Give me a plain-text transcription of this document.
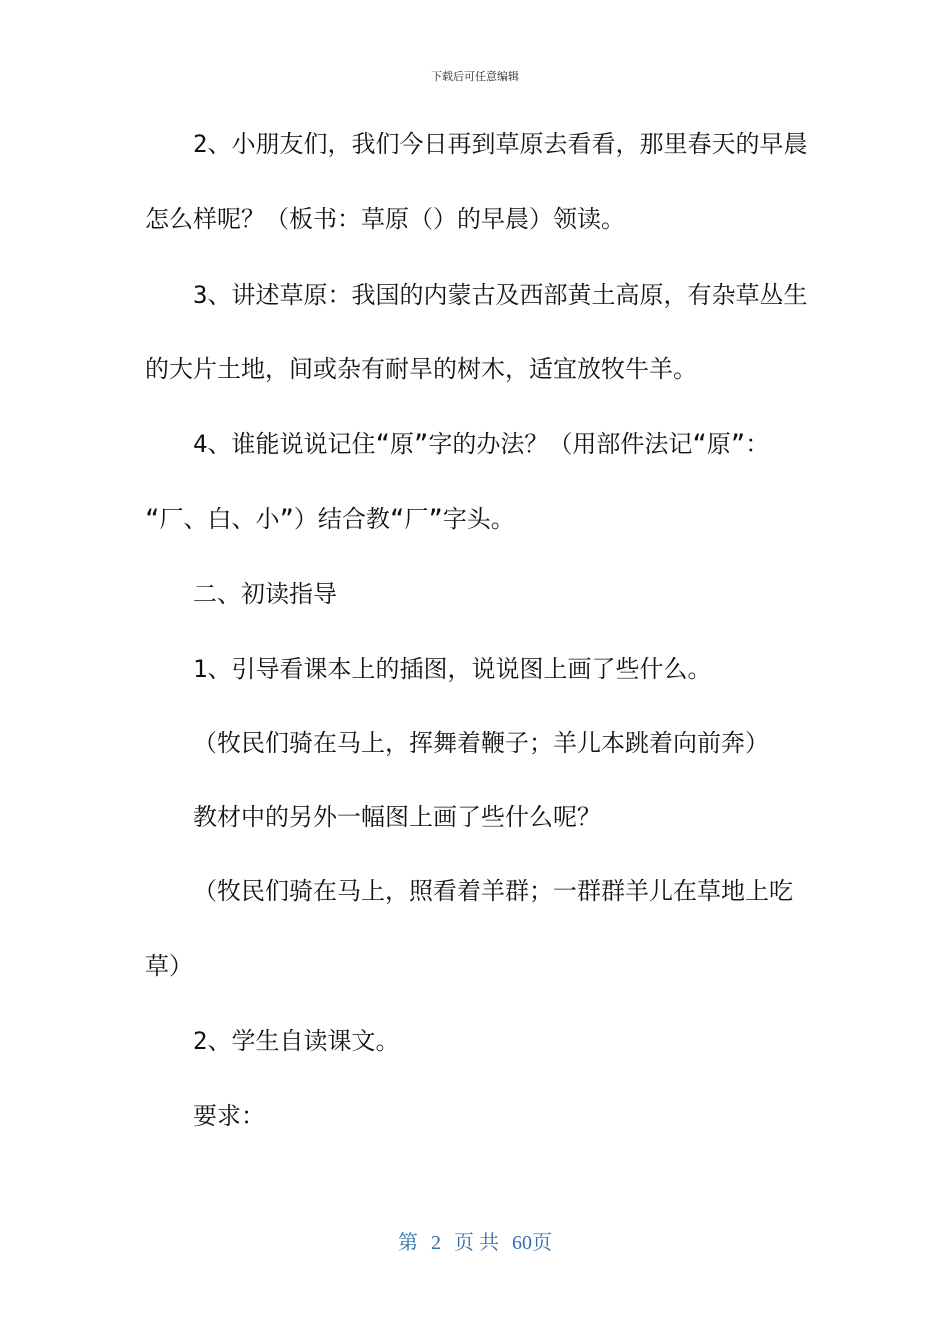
下载后可任意编辑
2、小朋友们，我们今日再到草原去看看，那里春天的早晨
怎么样呢？（板书：草原（）的早晨）领读。
3、讲述草原：我国的内蒙古及西部黄土高原，有杂草丛生
的大片土地，间或杂有耐旱的树木，适宜放牧牛羊。
4、谁能说说记住“原”字的办法？（用部件法记“原”：
“厂、白、小”）结合教“厂”字头。
二、初读指导
1、引导看课本上的插图，说说图上画了些什么。
（牧民们骑在马上，挥舞着鞭子；羊儿本跳着向前奔）
教材中的另外一幅图上画了些什么呢？
（牧民们骑在马上，照看着羊群；一群群羊儿在草地上吃
草）
2、学生自读课文。
要求：
第 2 页 共 60页
